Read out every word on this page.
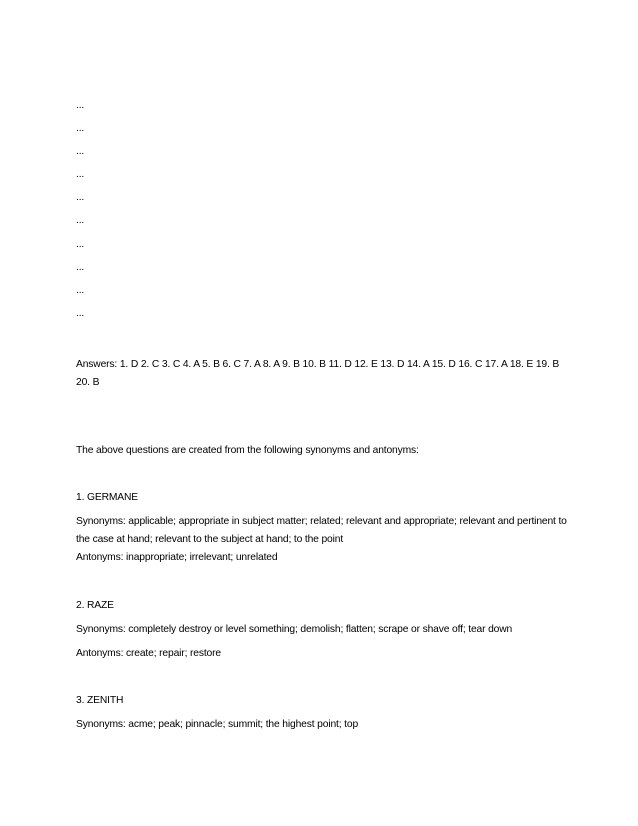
...
...
...
...
...
...
...
...
...
...
Answers: 1. D 2. C 3. C 4. A 5. B 6. C 7. A 8. A 9. B 10. B 11. D 12. E 13. D 14. A 15. D 16. C 17. A 18. E 19. B 20. B
The above questions are created from the following synonyms and antonyms:
1. GERMANE
Synonyms: applicable; appropriate in subject matter; related; relevant and appropriate; relevant and pertinent to the case at hand; relevant to the subject at hand; to the point
Antonyms: inappropriate; irrelevant; unrelated
2. RAZE
Synonyms: completely destroy or level something; demolish; flatten; scrape or shave off; tear down
Antonyms: create; repair; restore
3. ZENITH
Synonyms: acme; peak; pinnacle; summit; the highest point; top
